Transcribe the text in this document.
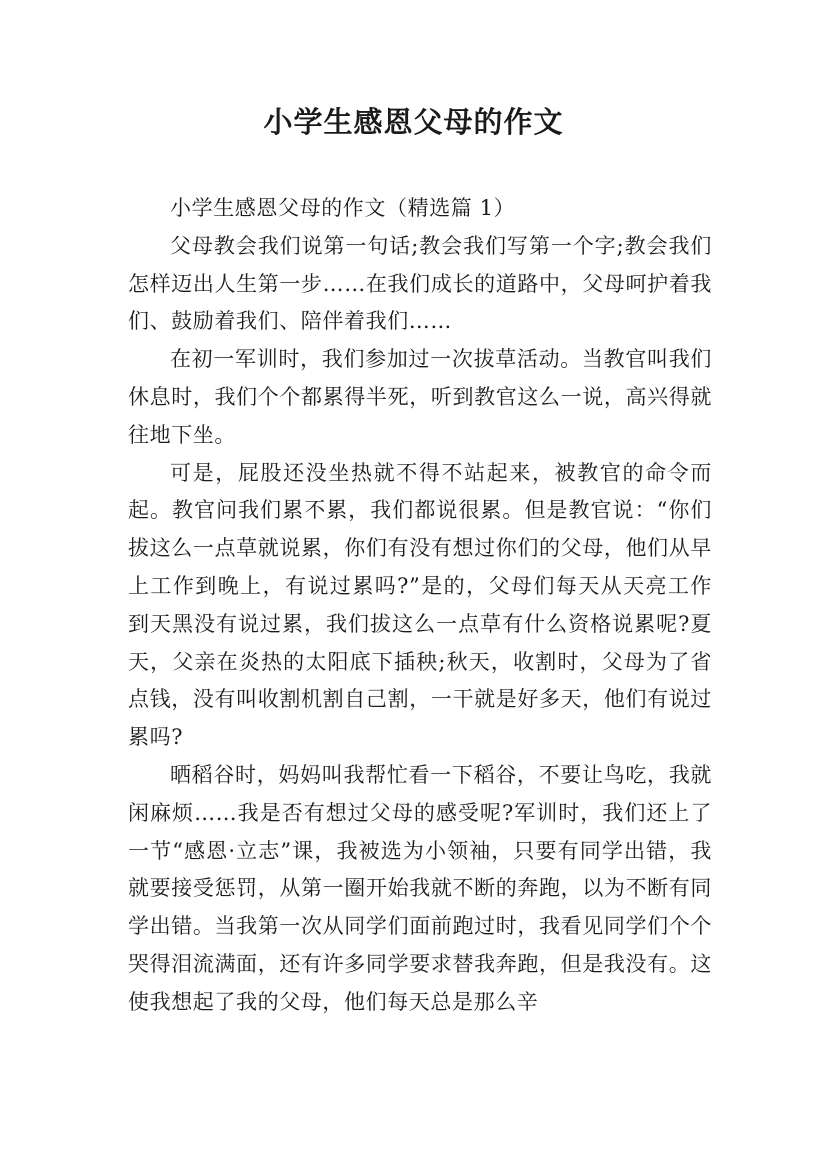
小学生感恩父母的作文

小学生感恩父母的作文（精选篇 1）

父母教会我们说第一句话;教会我们写第一个字;教会我们怎样迈出人生第一步……在我们成长的道路中，父母呵护着我们、鼓励着我们、陪伴着我们……

在初一军训时，我们参加过一次拔草活动。当教官叫我们休息时，我们个个都累得半死，听到教官这么一说，高兴得就往地下坐。

可是，屁股还没坐热就不得不站起来，被教官的命令而起。教官问我们累不累，我们都说很累。但是教官说：“你们拔这么一点草就说累，你们有没有想过你们的父母，他们从早上工作到晚上，有说过累吗?”是的，父母们每天从天亮工作到天黑没有说过累，我们拔这么一点草有什么资格说累呢?夏天，父亲在炎热的太阳底下插秧;秋天，收割时，父母为了省点钱，没有叫收割机割自己割，一干就是好多天，他们有说过累吗?

晒稻谷时，妈妈叫我帮忙看一下稻谷，不要让鸟吃，我就闲麻烦……我是否有想过父母的感受呢?军训时，我们还上了一节“感恩·立志”课，我被选为小领袖，只要有同学出错，我就要接受惩罚，从第一圈开始我就不断的奔跑，以为不断有同学出错。当我第一次从同学们面前跑过时，我看见同学们个个哭得泪流满面，还有许多同学要求替我奔跑，但是我没有。这使我想起了我的父母，他们每天总是那么辛
